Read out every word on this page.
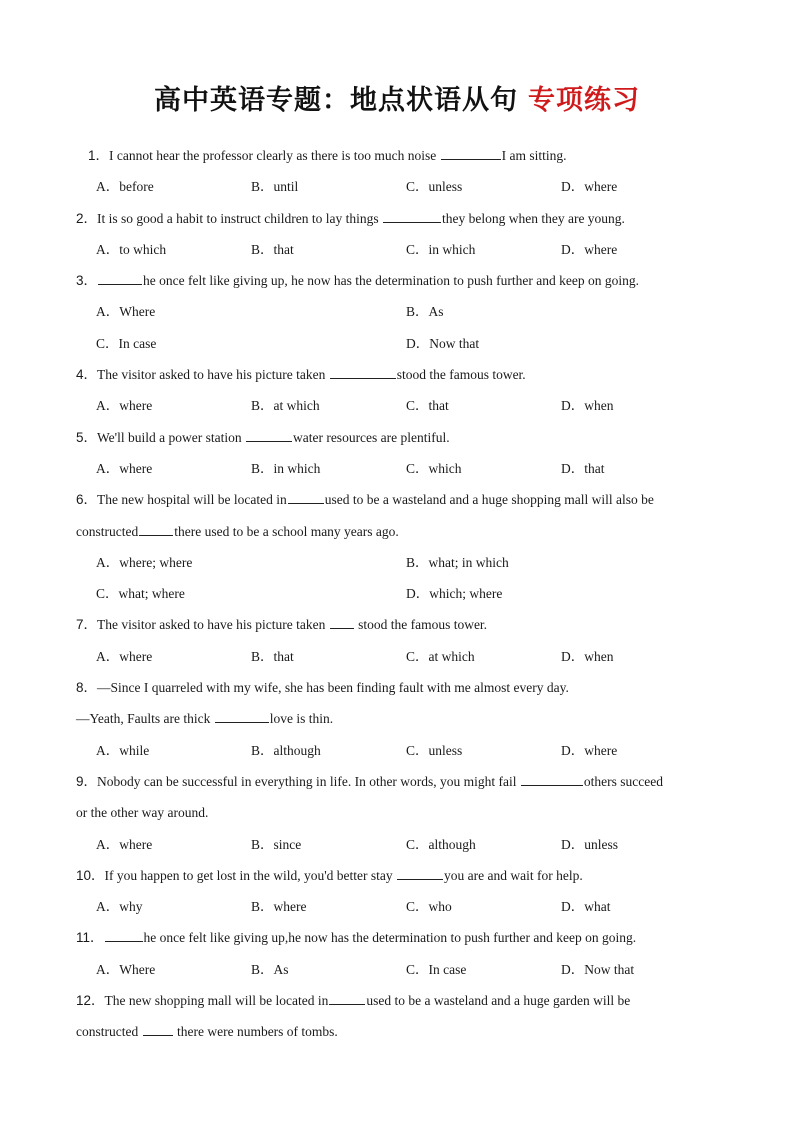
高中英语专题：地点状语从句 专项练习
1．I cannot hear the professor clearly as there is too much noise	I am sitting.
A．before	B．until	C．unless	D．where
2．It is so good a habit to instruct children to lay things	they belong when they are young.
A．to which	B．that	C．in which	D．where
3．	he once felt like giving up, he now has the determination to push further and keep on going.
A．Where	B．As
C．In case	D．Now that
4．The visitor asked to have his picture taken	stood the famous tower.
A．where	B．at which	C．that	D．when
5．We'll build a power station	water resources are plentiful.
A．where	B．in which	C．which	D．that
6．The new hospital will be located in	used to be a wasteland and a huge shopping mall will also be
constructed	there used to be a school many years ago.
A．where; where	B．what; in which
C．what; where	D．which; where
7．The visitor asked to have his picture taken  stood the famous tower.
A．where	B．that	C．at which	D．when
8．—Since I quarreled with my wife, she has been finding fault with me almost every day.
—Yeath, Faults are thick	love is thin.
A．while	B．although	C．unless	D．where
9．Nobody can be successful in everything in life. In other words, you might fail	others succeed
or the other way around.
A．where	B．since	C．although	D．unless
10．If you happen to get lost in the wild, you'd better stay	you are and wait for help.
A．why	B．where	C．who	D．what
11．	he once felt like giving up,he now has the determination to push further and keep on going.
A．Where	B．As	C．In case	D．Now that
12．The new shopping mall will be located in	used to be a wasteland and a huge garden will be
constructed  there were numbers of tombs.
